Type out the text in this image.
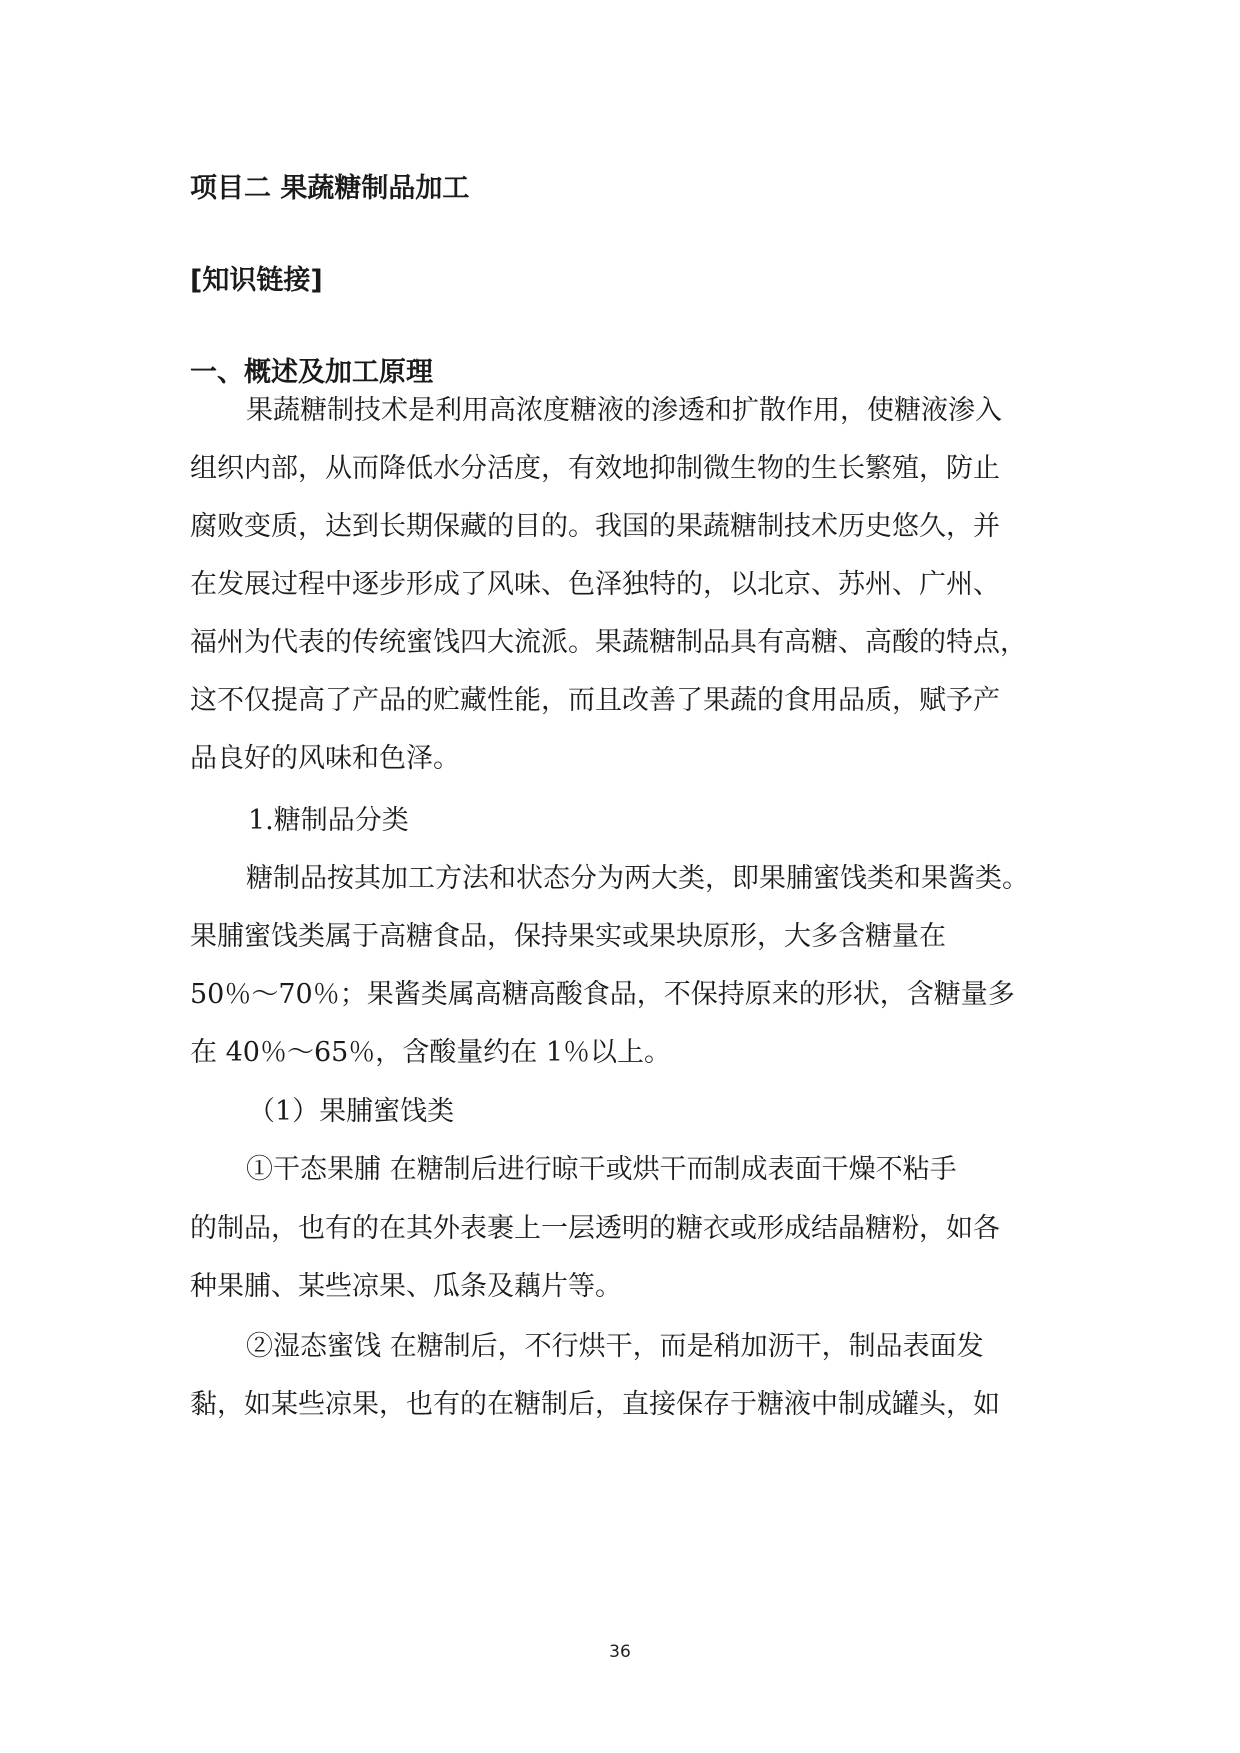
项目二 果蔬糖制品加工
[知识链接]
一、概述及加工原理

果蔬糖制技术是利用高浓度糖液的渗透和扩散作用，使糖液渗入

组织内部，从而降低水分活度，有效地抑制微生物的生长繁殖，防止

腐败变质，达到长期保藏的目的。我国的果蔬糖制技术历史悠久，并

在发展过程中逐步形成了风味、色泽独特的，以北京、苏州、广州、

福州为代表的传统蜜饯四大流派。果蔬糖制品具有高糖、高酸的特点，

这不仅提高了产品的贮藏性能，而且改善了果蔬的食用品质，赋予产

品良好的风味和色泽。

1.糖制品分类

糖制品按其加工方法和状态分为两大类，即果脯蜜饯类和果酱类。

果脯蜜饯类属于高糖食品，保持果实或果块原形，大多含糖量在

50％～70％；果酱类属高糖高酸食品，不保持原来的形状，含糖量多

在 40％～65％，含酸量约在 1％以上。

（1）果脯蜜饯类

①干态果脯 在糖制后进行晾干或烘干而制成表面干燥不粘手

的制品，也有的在其外表裹上一层透明的糖衣或形成结晶糖粉，如各

种果脯、某些凉果、瓜条及藕片等。

②湿态蜜饯 在糖制后，不行烘干，而是稍加沥干，制品表面发

黏，如某些凉果，也有的在糖制后，直接保存于糖液中制成罐头，如

36
